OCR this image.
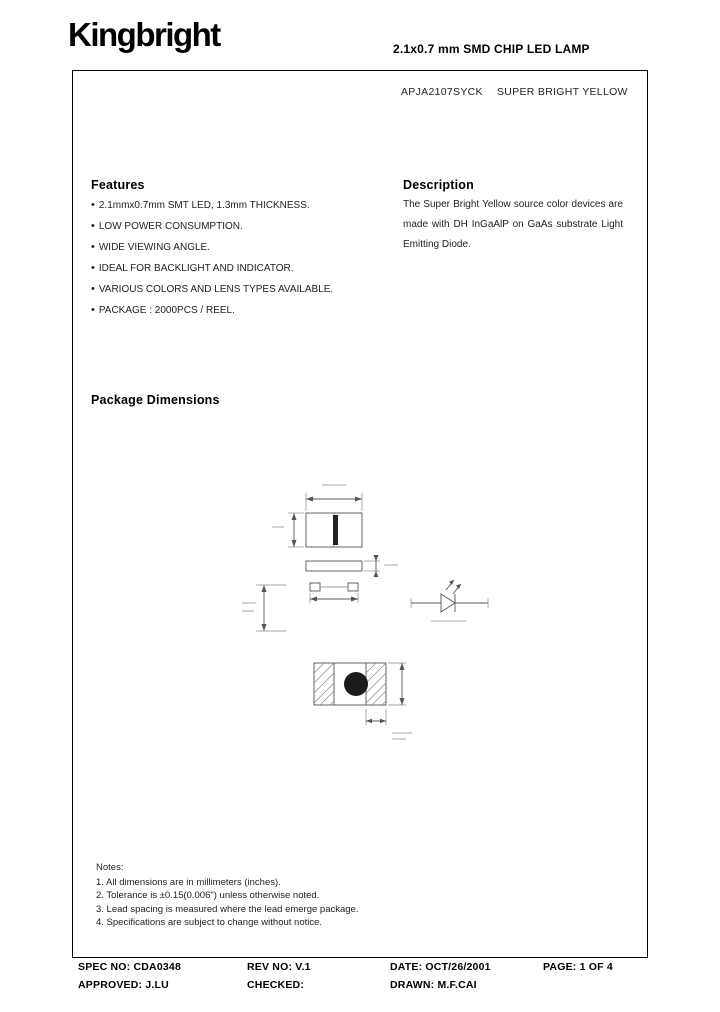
Kingbright	2.1x0.7 mm SMD CHIP LED LAMP
APJA2107SYCK SUPER BRIGHT YELLOW
Features
• 2.1mmx0.7mm SMT LED, 1.3mm THICKNESS.
• LOW POWER CONSUMPTION.
• WIDE VIEWING ANGLE.
• IDEAL FOR BACKLIGHT AND INDICATOR.
• VARIOUS COLORS AND LENS TYPES AVAILABLE.
• PACKAGE : 2000PCS / REEL.
Description

The Super Bright Yellow source color devices are made with DH InGaAlP on GaAs substrate Light Emitting Diode.

Package Dimensions

Notes:

1. All dimensions are in millimeters (inches).
2. Tolerance is ±0.15(0.006") unless otherwise noted.
3. Lead spacing is measured where the lead emerge package.
4. Specifications are subject to change without notice.
SPEC NO: CDA0348	REV NO: V.1	DATE: OCT/26/2001	PAGE: 1 OF 4
APPROVED: J.LU	CHECKED:	DRAWN: M.F.CAI
